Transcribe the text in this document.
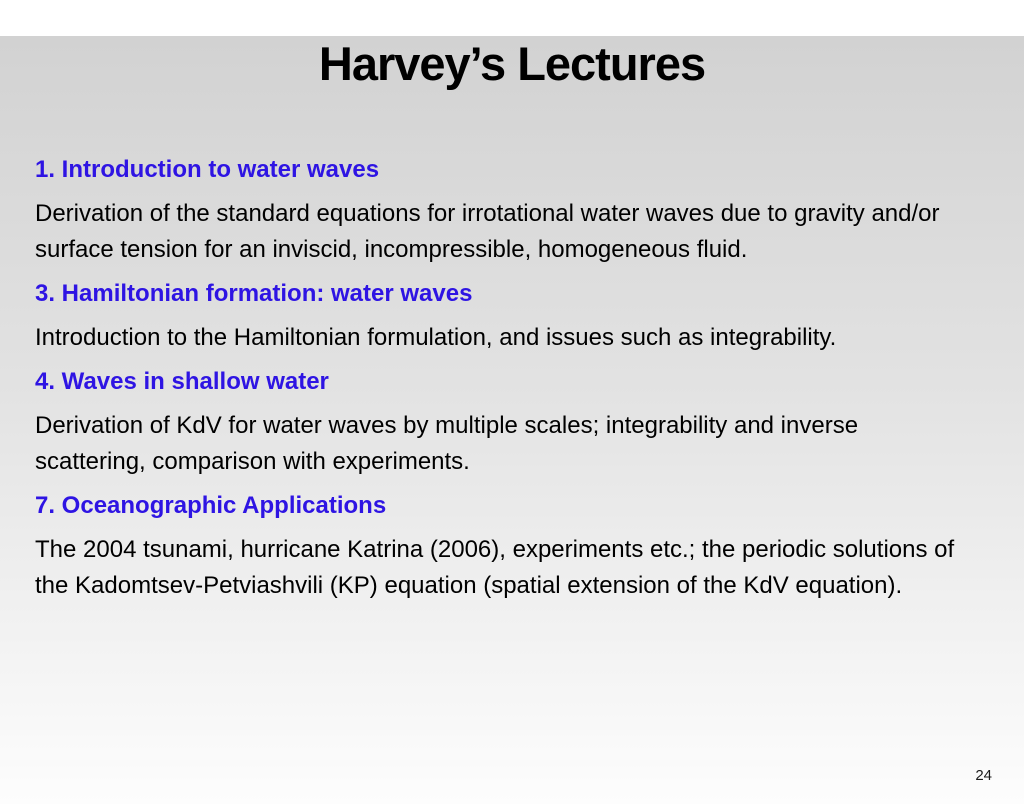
Harvey’s Lectures
1. Introduction to water waves
Derivation of the standard equations for irrotational water waves due to gravity and/or surface tension for an inviscid, incompressible, homogeneous fluid.
3. Hamiltonian formation: water waves
Introduction to the Hamiltonian formulation, and issues such as integrability.
4. Waves in shallow water
Derivation of KdV for water waves by multiple scales; integrability and inverse scattering, comparison with experiments.
7. Oceanographic Applications
The 2004 tsunami, hurricane Katrina (2006), experiments etc.; the periodic solutions of the Kadomtsev-Petviashvili (KP) equation (spatial extension of the KdV equation).
24
